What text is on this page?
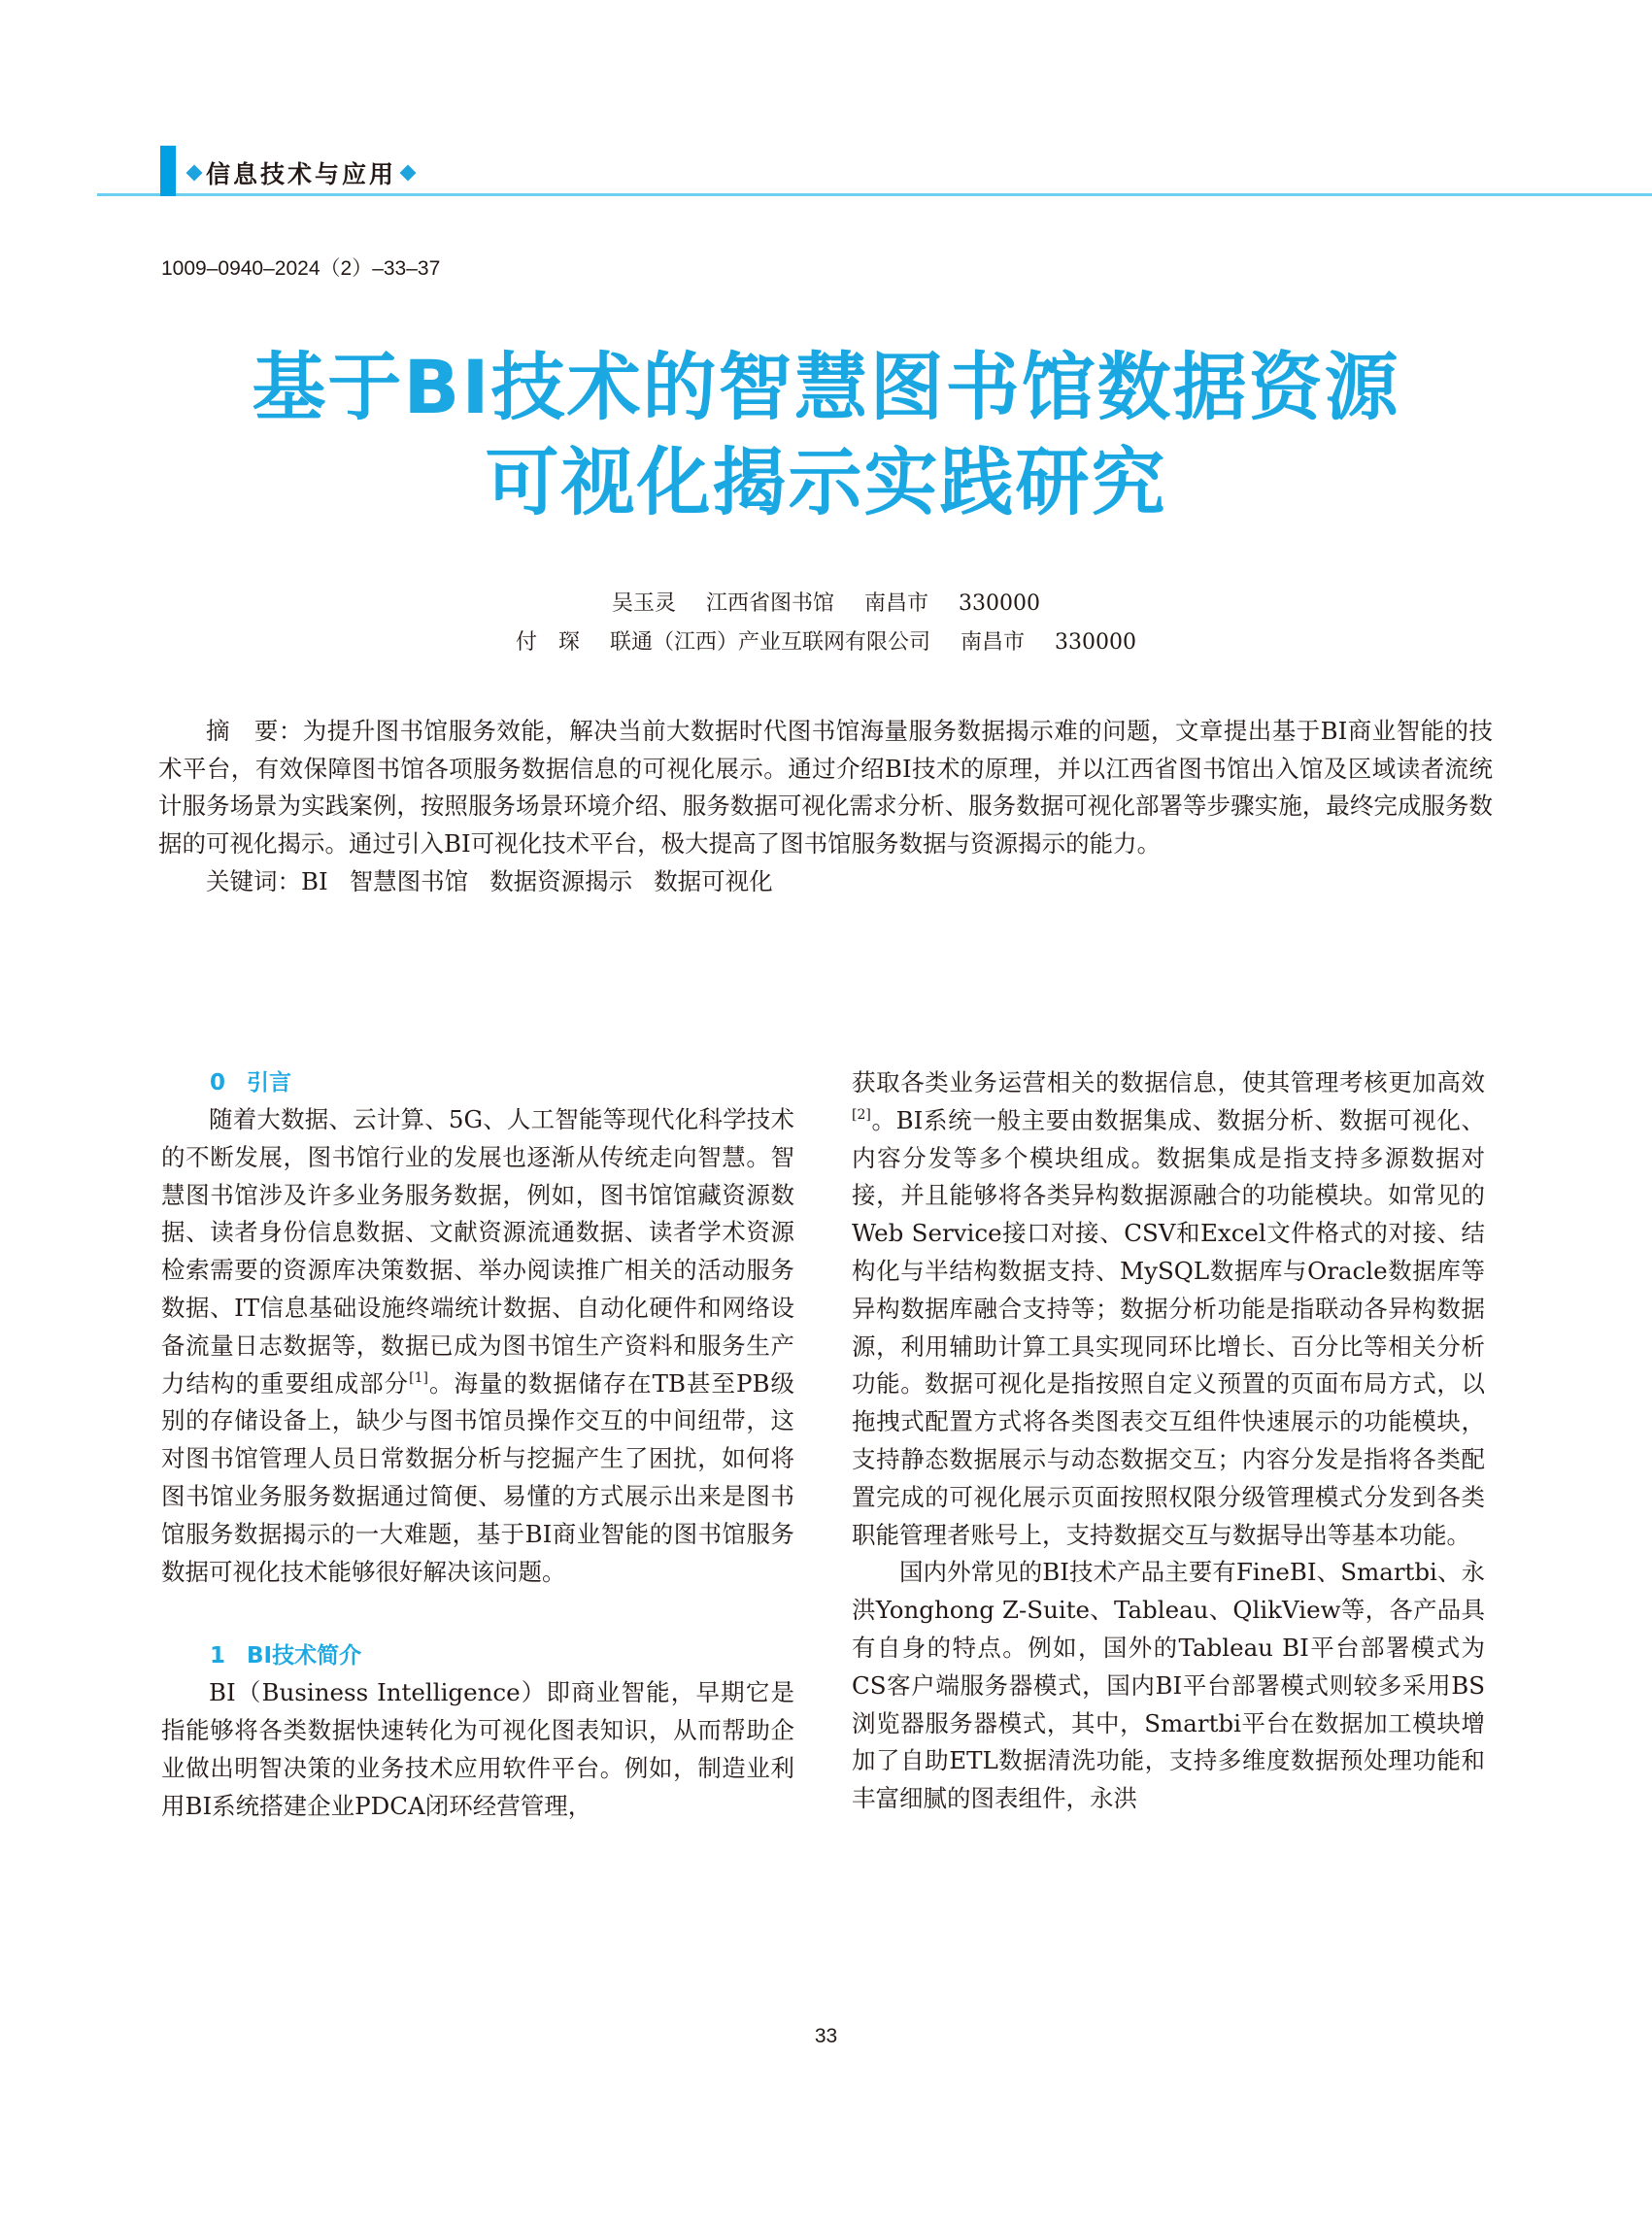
信息技术与应用
1009–0940–2024（2）–33–37
基于BI技术的智慧图书馆数据资源
可视化揭示实践研究
吴玉灵 江西省图书馆 南昌市 330000
付　琛 联通（江西）产业互联网有限公司 南昌市 330000

摘　要：为提升图书馆服务效能，解决当前大数据时代图书馆海量服务数据揭示难的问题，文章提出基于BI商业智能的技术平台，有效保障图书馆各项服务数据信息的可视化展示。通过介绍BI技术的原理，并以江西省图书馆出入馆及区域读者流统计服务场景为实践案例，按照服务场景环境介绍、服务数据可视化需求分析、服务数据可视化部署等步骤实施，最终完成服务数据的可视化揭示。通过引入BI可视化技术平台，极大提高了图书馆服务数据与资源揭示的能力。

关键词：BI 智慧图书馆 数据资源揭示 数据可视化

0 引言

随着大数据、云计算、5G、人工智能等现代化科学技术的不断发展，图书馆行业的发展也逐渐从传统走向智慧。智慧图书馆涉及许多业务服务数据，例如，图书馆馆藏资源数据、读者身份信息数据、文献资源流通数据、读者学术资源检索需要的资源库决策数据、举办阅读推广相关的活动服务数据、IT信息基础设施终端统计数据、自动化硬件和网络设备流量日志数据等，数据已成为图书馆生产资料和服务生产力结构的重要组成部分[1]。海量的数据储存在TB甚至PB级别的存储设备上，缺少与图书馆员操作交互的中间纽带，这对图书馆管理人员日常数据分析与挖掘产生了困扰，如何将图书馆业务服务数据通过简便、易懂的方式展示出来是图书馆服务数据揭示的一大难题，基于BI商业智能的图书馆服务数据可视化技术能够很好解决该问题。

1 BI技术简介

BI（Business Intelligence）即商业智能，早期它是指能够将各类数据快速转化为可视化图表知识，从而帮助企业做出明智决策的业务技术应用软件平台。例如，制造业利用BI系统搭建企业PDCA闭环经营管理，

获取各类业务运营相关的数据信息，使其管理考核更加高效[2]。BI系统一般主要由数据集成、数据分析、数据可视化、内容分发等多个模块组成。数据集成是指支持多源数据对接，并且能够将各类异构数据源融合的功能模块。如常见的Web Service接口对接、CSV和Excel文件格式的对接、结构化与半结构数据支持、MySQL数据库与Oracle数据库等异构数据库融合支持等；数据分析功能是指联动各异构数据源，利用辅助计算工具实现同环比增长、百分比等相关分析功能。数据可视化是指按照自定义预置的页面布局方式，以拖拽式配置方式将各类图表交互组件快速展示的功能模块，支持静态数据展示与动态数据交互；内容分发是指将各类配置完成的可视化展示页面按照权限分级管理模式分发到各类职能管理者账号上，支持数据交互与数据导出等基本功能。

国内外常见的BI技术产品主要有FineBI、Smartbi、永洪Yonghong Z-Suite、Tableau、QlikView等，各产品具有自身的特点。例如，国外的Tableau BI平台部署模式为CS客户端服务器模式，国内BI平台部署模式则较多采用BS浏览器服务器模式，其中，Smartbi平台在数据加工模块增加了自助ETL数据清洗功能，支持多维度数据预处理功能和丰富细腻的图表组件，永洪

33
